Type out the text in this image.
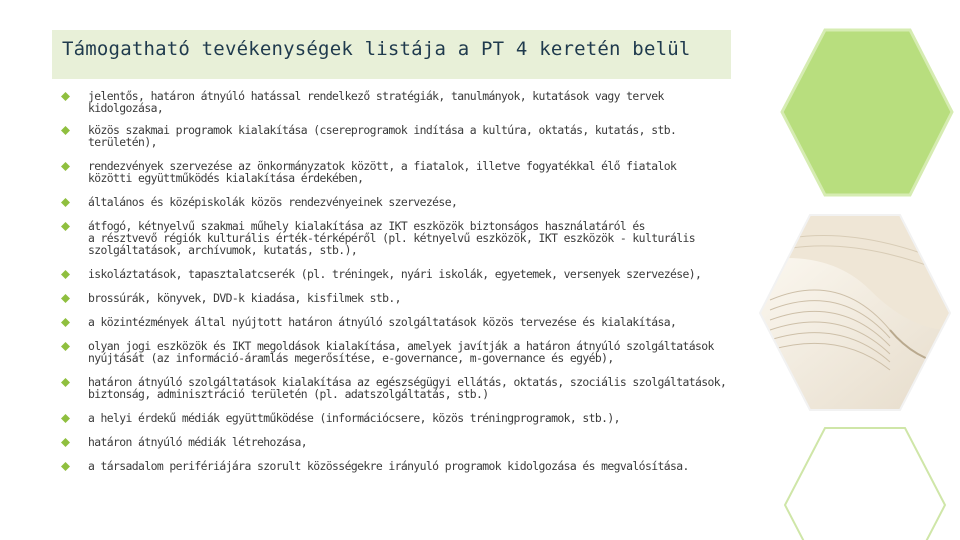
Támogatható tevékenységek listája a PT 4 keretén belül
jelentős, határon átnyúló hatással rendelkező stratégiák, tanulmányok, kutatások vagy tervek
kidolgozása,
közös szakmai programok kialakítása (csereprogramok indítása a kultúra, oktatás, kutatás, stb.
területén),
rendezvények szervezése az önkormányzatok között, a fiatalok, illetve fogyatékkal élő fiatalok
közötti együttműködés kialakítása érdekében,
általános és középiskolák közös rendezvényeinek szervezése,
átfogó, kétnyelvű szakmai műhely kialakítása az IKT eszközök biztonságos használatáról és
a résztvevő régiók kulturális érték-térképéről (pl. kétnyelvű eszközök, IKT eszközök - kulturális
szolgáltatások, archívumok, kutatás, stb.),
iskoláztatások, tapasztalatcserék (pl. tréningek, nyári iskolák, egyetemek, versenyek szervezése),
brossúrák, könyvek, DVD-k kiadása, kisfilmek stb.,
a közintézmények által nyújtott határon átnyúló szolgáltatások közös tervezése és kialakítása,
olyan jogi eszközök és IKT megoldások kialakítása, amelyek javítják a határon átnyúló szolgáltatások
nyújtását (az információ-áramlás megerősítése, e-governance, m-governance és egyéb),
határon átnyúló szolgáltatások kialakítása az egészségügyi ellátás, oktatás, szociális szolgáltatások,
biztonság, adminisztráció területén (pl. adatszolgáltatás, stb.)
a helyi érdekű médiák együttműködése (információcsere, közös tréningprogramok, stb.),
határon átnyúló médiák létrehozása,
a társadalom perifériájára szorult közösségekre irányuló programok kidolgozása és megvalósítása.
